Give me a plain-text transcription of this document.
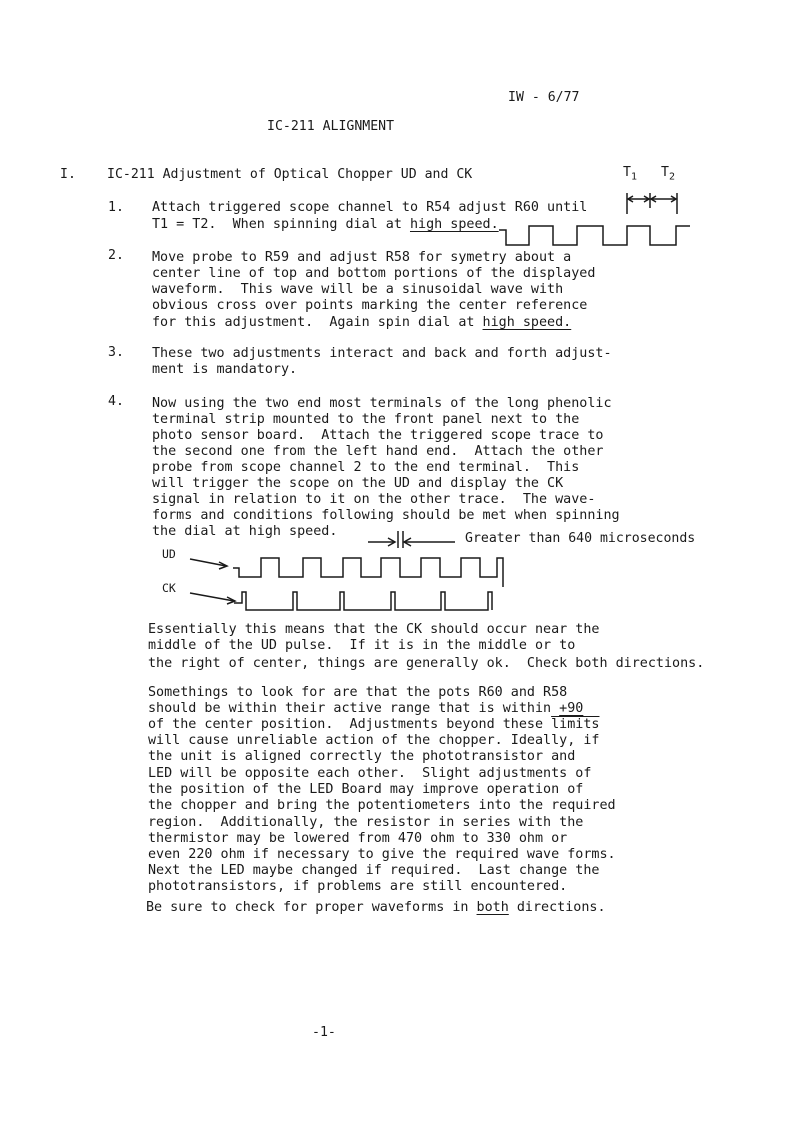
IW - 6/77
IC-211 ALIGNMENT
I. IC-211 Adjustment of Optical Chopper UD and CK	$T_1$ $T_2$
1. Attach triggered scope channel to R54 adjust R60 until
T1 = T2.  When spinning dial at high speed.
2. Move probe to R59 and adjust R58 for symetry about a
center line of top and bottom portions of the displayed
waveform.  This wave will be a sinusoidal wave with
obvious cross over points marking the center reference
for this adjustment.  Again spin dial at high speed.
3. These two adjustments interact and back and forth adjust-
ment is mandatory.
4. Now using the two end most terminals of the long phenolic
terminal strip mounted to the front panel next to the
photo sensor board.  Attach the triggered scope trace to
the second one from the left hand end.  Attach the other
probe from scope channel 2 to the end terminal.  This
will trigger the scope on the UD and display the CK
signal in relation to it on the other trace.  The wave-
forms and conditions following should be met when spinning
the dial at high speed.	Greater than 640 microseconds
UD
CK
Essentially this means that the CK should occur near the
middle of the UD pulse.  If it is in the middle or to
the right of center, things are generally ok.  Check both directions.
Somethings to look for are that the pots R60 and R58
should be within their active range that is within +90
of the center position.  Adjustments beyond these limits
will cause unreliable action of the chopper. Ideally, if
the unit is aligned correctly the phototransistor and
LED will be opposite each other.  Slight adjustments of
the position of the LED Board may improve operation of
the chopper and bring the potentiometers into the required
region.  Additionally, the resistor in series with the
thermistor may be lowered from 470 ohm to 330 ohm or
even 220 ohm if necessary to give the required wave forms.
Next the LED maybe changed if required.  Last change the
phototransistors, if problems are still encountered.
Be sure to check for proper waveforms in both directions.
-1-
